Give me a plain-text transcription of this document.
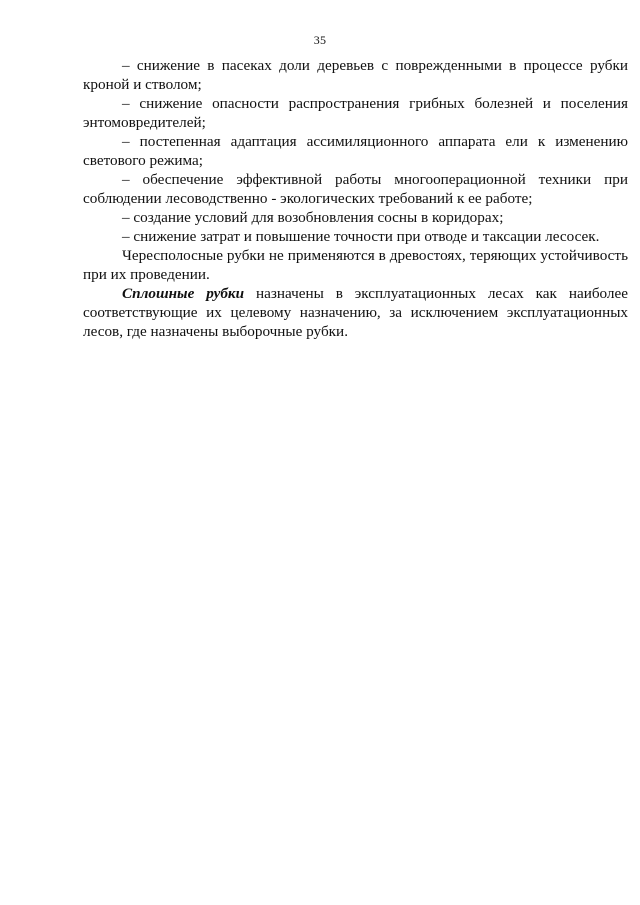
35

– снижение в пасеках доли деревьев с поврежденными в процессе рубки кроной и стволом;

– снижение опасности распространения грибных болезней и поселения энтомовредителей;

– постепенная адаптация ассимиляционного аппарата ели к изменению светового режима;

– обеспечение эффективной работы многооперационной техники при соблюдении лесоводственно - экологических требований к ее работе;

– создание условий для возобновления сосны в коридорах;

– снижение затрат и повышение точности при отводе и таксации лесосек.

Чересполосные рубки не применяются в древостоях, теряющих устойчивость при их проведении.

Сплошные рубки назначены в эксплуатационных лесах как наиболее соответствующие их целевому назначению, за исключением эксплуатационных лесов, где назначены выборочные рубки.
